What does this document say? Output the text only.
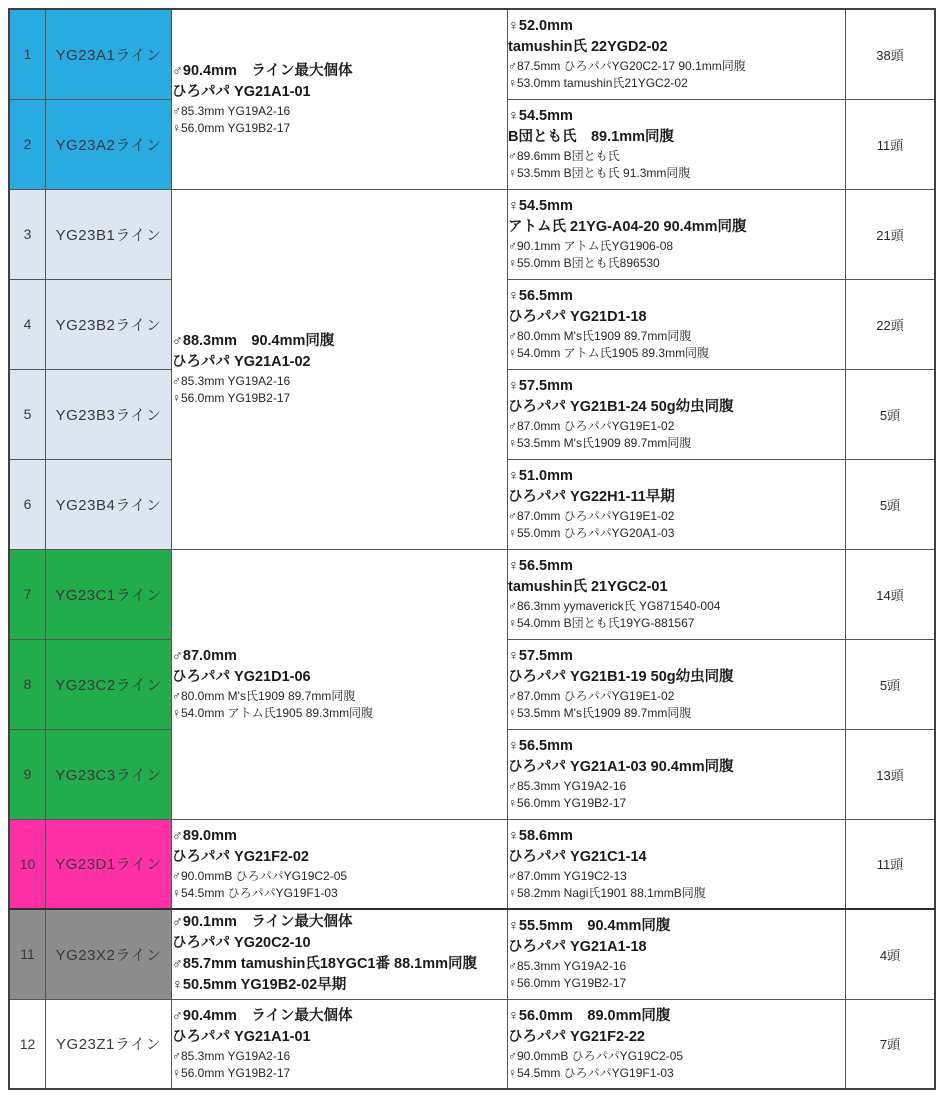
1	YG23A1ライン	
♂90.4mm　ライン最大個体
ひろパパ YG21A1-01
♂85.3mm YG19A2-16
♀56.0mm YG19B2-17

♀52.0mm
tamushin氏 22YGD2-02
♂87.5mm ひろパパYG20C2-17 90.1mm同腹
♀53.0mm tamushin氏21YGC2-02
	38頭
2	YG23A2ライン		♀54.5mm
B団とも氏　89.1mm同腹
♂89.6mm B団とも氏
♀53.5mm B団とも氏 91.3mm同腹	11頭
3	YG23B1ライン	
♂88.3mm　90.4mm同腹
ひろパパ YG21A1-02
♂85.3mm YG19A2-16
♀56.0mm YG19B2-17

♀54.5mm
アトム氏 21YG-A04-20 90.4mm同腹
♂90.1mm アトム氏YG1906-08
♀55.0mm B団とも氏896530
	21頭
4	YG23B2ライン		♀56.5mm
ひろパパ YG21D1-18
♂80.0mm M's氏1909 89.7mm同腹
♀54.0mm アトム氏1905 89.3mm同腹	22頭
5	YG23B3ライン		♀57.5mm
ひろパパ YG21B1-24 50g幼虫同腹
♂87.0mm ひろパパYG19E1-02
♀53.5mm M's氏1909 89.7mm同腹	5頭
6	YG23B4ライン		♀51.0mm
ひろパパ YG22H1-11早期
♂87.0mm ひろパパYG19E1-02
♀55.0mm ひろパパYG20A1-03	5頭
7	YG23C1ライン	
♂87.0mm
ひろパパ YG21D1-06
♂80.0mm M's氏1909 89.7mm同腹
♀54.0mm アトム氏1905 89.3mm同腹

♀56.5mm
tamushin氏 21YGC2-01
♂86.3mm yymaverick氏 YG871540-004
♀54.0mm B団とも氏19YG-881567
	14頭
8	YG23C2ライン		♀57.5mm
ひろパパ YG21B1-19 50g幼虫同腹
♂87.0mm ひろパパYG19E1-02
♀53.5mm M's氏1909 89.7mm同腹	5頭
9	YG23C3ライン		♀56.5mm
ひろパパ YG21A1-03 90.4mm同腹
♂85.3mm YG19A2-16
♀56.0mm YG19B2-17	13頭
10	YG23D1ライン	
♂89.0mm
ひろパパ YG21F2-02
♂90.0mmB ひろパパYG19C2-05
♀54.5mm ひろパパYG19F1-03

♀58.6mm
ひろパパ YG21C1-14
♂87.0mm YG19C2-13
♀58.2mm Nagi氏1901 88.1mmB同腹
	11頭
11	YG23X2ライン	
♂90.1mm　ライン最大個体
ひろパパ YG20C2-10
♂85.7mm tamushin氏18YGC1番 88.1mm同腹
♀50.5mm YG19B2-02早期

♀55.5mm　90.4mm同腹
ひろパパ YG21A1-18
♂85.3mm YG19A2-16
♀56.0mm YG19B2-17
	4頭
12	YG23Z1ライン	
♂90.4mm　ライン最大個体
ひろパパ YG21A1-01
♂85.3mm YG19A2-16
♀56.0mm YG19B2-17

♀56.0mm　89.0mm同腹
ひろパパ YG21F2-22
♂90.0mmB ひろパパYG19C2-05
♀54.5mm ひろパパYG19F1-03
	7頭
